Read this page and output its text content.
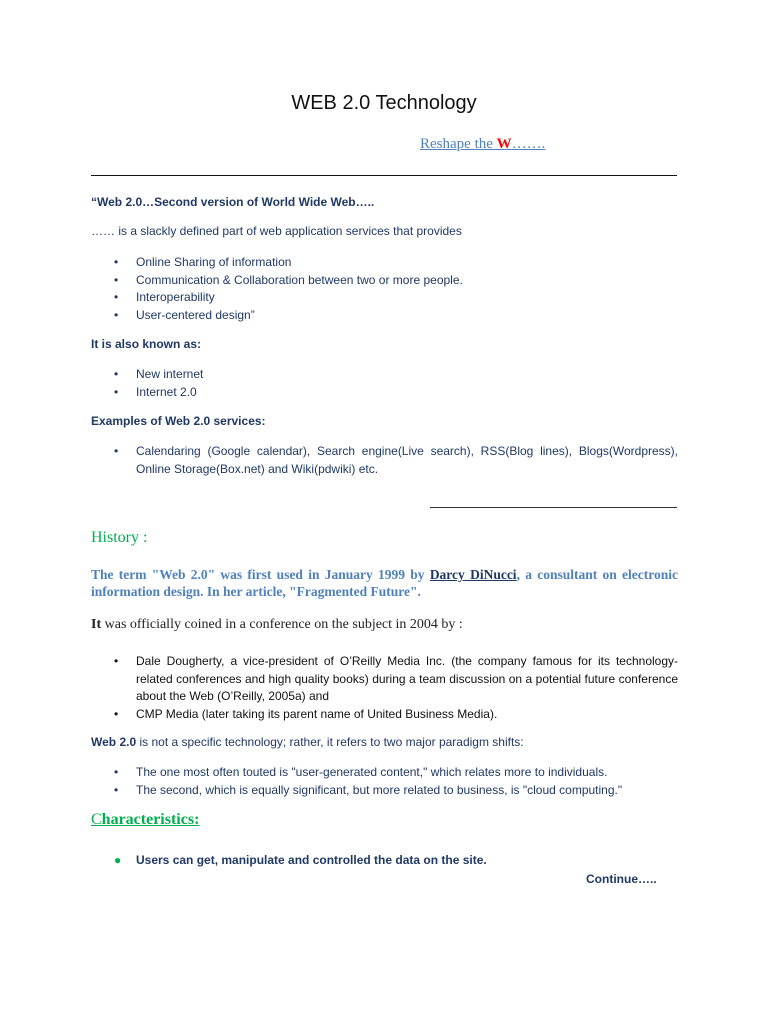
WEB 2.0 Technology
Reshape the W…….
“Web 2.0…Second version of World Wide Web…..
…… is a slackly defined part of web application services that provides
• Online Sharing of information
• Communication & Collaboration between two or more people.
• Interoperability
• User-centered design”
It is also known as:
• New internet
• Internet 2.0
Examples of Web 2.0 services:
• Calendaring (Google calendar), Search engine(Live search), RSS(Blog lines), Blogs(Wordpress), Online Storage(Box.net) and Wiki(pdwiki) etc.
History :
The term "Web 2.0" was first used in January 1999 by Darcy DiNucci, a consultant on electronic information design. In her article, "Fragmented Future".
It was officially coined in a conference on the subject in 2004 by :
• Dale Dougherty, a vice-president of O’Reilly Media Inc. (the company famous for its technology-related conferences and high quality books) during a team discussion on a potential future conference about the Web (O’Reilly, 2005a) and
• CMP Media (later taking its parent name of United Business Media).
Web 2.0 is not a specific technology; rather, it refers to two major paradigm shifts:
• The one most often touted is "user-generated content," which relates more to individuals.
• The second, which is equally significant, but more related to business, is "cloud computing."
Characteristics:
● Users can get, manipulate and controlled the data on the site.
Continue…..
